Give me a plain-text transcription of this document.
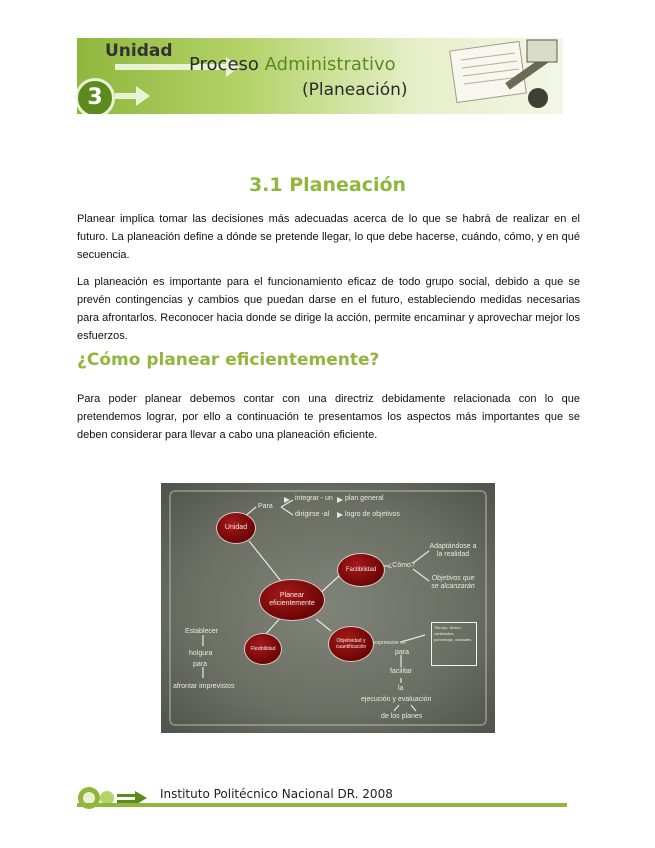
Unidad
3
Proceso Administrativo
(Planeación)
3.1 Planeación

Planear implica tomar las decisiones más adecuadas acerca de lo que se habrá de realizar en el futuro. La planeación define a dónde se pretende llegar, lo que debe hacerse, cuándo, cómo, y en qué secuencia.

La planeación es importante para el funcionamiento eficaz de todo grupo social, debido a que se prevén contingencias y cambios que puedan darse en el futuro, estableciendo medidas necesarias para afrontarlos. Reconocer hacia donde se dirige la acción, permite encaminar y aprovechar mejor los esfuerzos.

¿Cómo planear eficientemente?

Para poder planear debemos contar con una directriz debidamente relacionada con lo que pretendemos lograr, por ello a continuación te presentamos los aspectos más importantes que se deben considerar para llevar a cabo una planeación eficiente.

Unidad
Planear eficientemente
Factibilidad
Flexibilidad
Objetividad y cuantificación
Para
integrar - un plan general
dirigirse -al logro de objetivos
¿Cómo?
Adaptándose a la realidad
Objetivos que se alcanzarán
Establecer
holgura
para
afrontar imprevistos
expresarse en
para
facilitar
la
ejecución y evaluación
de los planes
Tiempo, dinero, cantidades, porcentaje, unidades
Instituto Politécnico Nacional DR. 2008
